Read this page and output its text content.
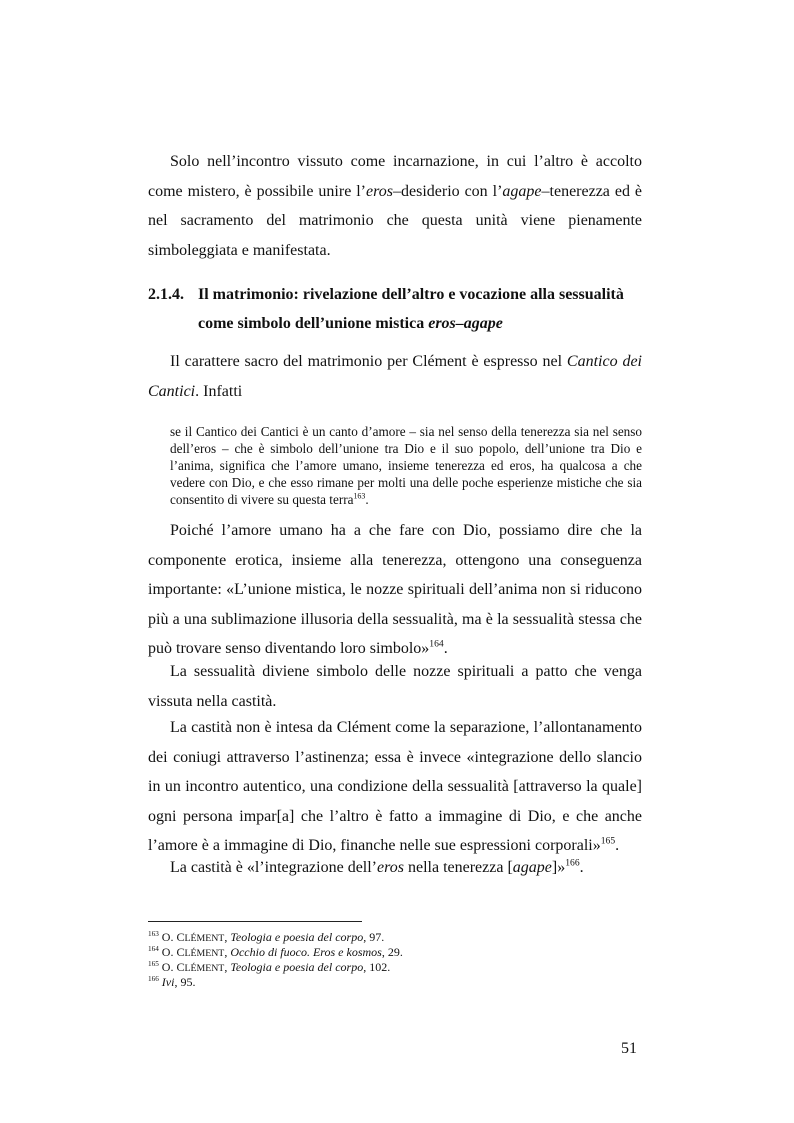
Solo nell’incontro vissuto come incarnazione, in cui l’altro è accolto come mistero, è possibile unire l’eros–desiderio con l’agape–tenerezza ed è nel sacramento del matrimonio che questa unità viene pienamente simboleggiata e manifestata.

2.1.4. Il matrimonio: rivelazione dell’altro e vocazione alla sessualità
come simbolo dell’unione mistica eros–agape

Il carattere sacro del matrimonio per Clément è espresso nel Cantico dei Cantici. Infatti

se il Cantico dei Cantici è un canto d’amore – sia nel senso della tenerezza sia nel senso dell’eros – che è simbolo dell’unione tra Dio e il suo popolo, dell’unione tra Dio e l’anima, significa che l’amore umano, insieme tenerezza ed eros, ha qualcosa a che vedere con Dio, e che esso rimane per molti una delle poche esperienze mistiche che sia consentito di vivere su questa terra$^{163}$.

Poiché l’amore umano ha a che fare con Dio, possiamo dire che la componente erotica, insieme alla tenerezza, ottengono una conseguenza importante: «L’unione mistica, le nozze spirituali dell’anima non si riducono più a una sublimazione illusoria della sessualità, ma è la sessualità stessa che può trovare senso diventando loro simbolo»$^{164}$.

La sessualità diviene simbolo delle nozze spirituali a patto che venga vissuta nella castità.

La castità non è intesa da Clément come la separazione, l’allontanamento dei coniugi attraverso l’astinenza; essa è invece «integrazione dello slancio in un incontro autentico, una condizione della sessualità [attraverso la quale] ogni persona impar[a] che l’altro è fatto a immagine di Dio, e che anche l’amore è a immagine di Dio, finanche nelle sue espressioni corporali»$^{165}$.

La castità è «l’integrazione dell’eros nella tenerezza [agape]»$^{166}$.

$^{163}$ O. CLÉMENT, Teologia e poesia del corpo, 97.

$^{164}$ O. CLÉMENT, Occhio di fuoco. Eros e kosmos, 29.

$^{165}$ O. CLÉMENT, Teologia e poesia del corpo, 102.

$^{166}$ Ivi, 95.

51
